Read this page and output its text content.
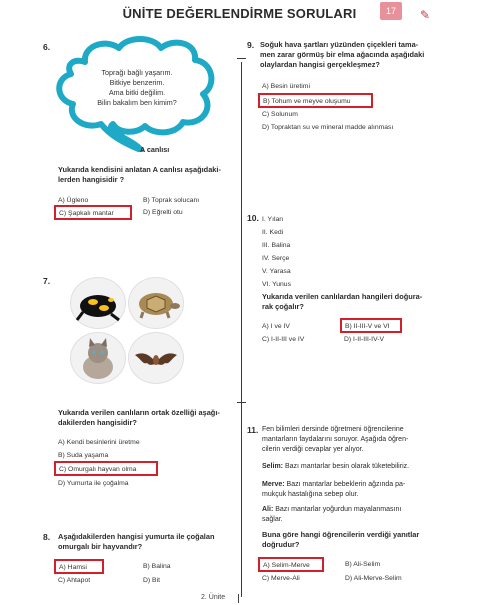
ÜNİTE DEĞERLENDİRME SORULARI	17	✎
6.
Toprağı bağlı yaşarım.
Bitkiye benzerim.
Ama bitki değilim.
Bilin bakalım ben kimim?
A canlısı
Yukarıda kendisini anlatan A canlısı aşağıdaki-
lerden hangisidir ?
A) Ügleno	B) Toprak solucanı
C) Şapkalı mantar	D) Eğrelti otu
7.
Yukarıda verilen canlıların ortak özelliği aşağı-
dakilerden hangisidir?
A) Kendi besinlerini üretme
B) Suda yaşama
C) Omurgalı hayvan olma
D) Yumurta ile çoğalma
8. Aşağıdakilerden hangisi yumurta ile çoğalan
omurgalı bir hayvandır?
A) Hamsi	B) Balina
C) Ahtapot	D) Bit
9. Soğuk hava şartları yüzünden çiçekleri tama-
men zarar görmüş bir elma ağacında aşağıdaki
olaylardan hangisi gerçekleşmez?
A) Besin üretimi
B) Tohum ve meyve oluşumu
C) Solunum
D) Topraktan su ve mineral madde alınması
10. I. Yılan
II. Kedi
III. Balina
IV. Serçe
V. Yarasa
VI. Yunus
Yukarıda verilen canlılardan hangileri doğura-
rak çoğalır?
A) I ve IV	B) II-III-V ve VI
C) I-II-III ve IV	D) I-II-III-IV-V
11. Fen bilimleri dersinde öğretmeni öğrencilerine
mantarların faydalarını soruyor. Aşağıda öğren-
cilerin verdiği cevaplar yer alıyor.
Selim: Bazı mantarlar besin olarak tüketebiliriz.
Merve: Bazı mantarlar bebeklerin ağzında pa-
mukçuk hastalığına sebep olur.
Ali: Bazı mantarlar yoğurdun mayalanmasını
sağlar.
Buna göre hangi öğrencilerin verdiği yanıtlar
doğrudur?
A) Selim-Merve	B) Ali-Selim
C) Merve-Ali	D) Ali-Merve-Selim
2. Ünite
